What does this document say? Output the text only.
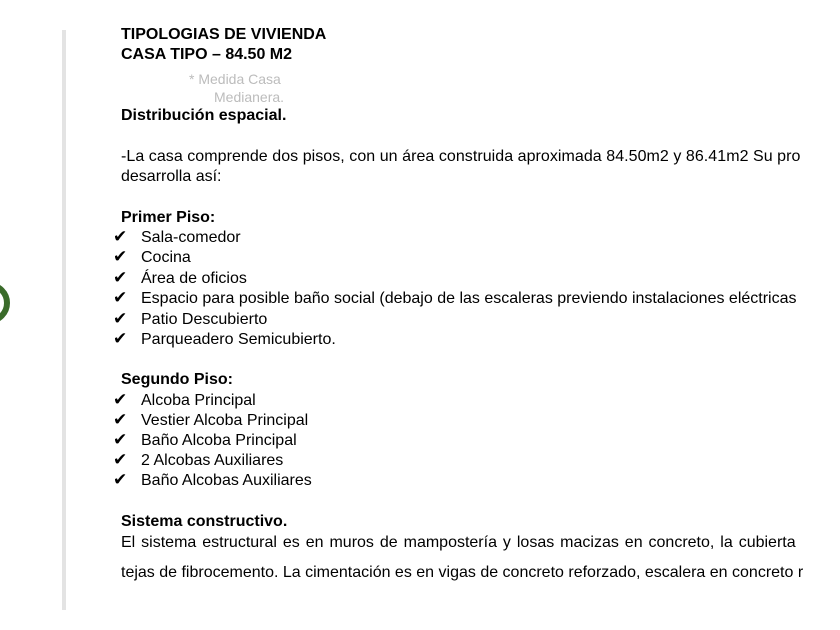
TIPOLOGIAS DE VIVIENDA
CASA TIPO – 84.50 M2
* Medida Casa
Medianera.
Distribución espacial.
-La casa comprende dos pisos, con un área construida aproximada 84.50m2 y 86.41m2 Su pro
desarrolla así:
Primer Piso:
✔ Sala-comedor
✔ Cocina
✔ Área de oficios
✔ Espacio para posible baño social (debajo de las escaleras previendo instalaciones eléctricas
✔ Patio Descubierto
✔ Parqueadero Semicubierto.
Segundo Piso:
✔ Alcoba Principal
✔ Vestier Alcoba Principal
✔ Baño Alcoba Principal
✔ 2 Alcobas Auxiliares
✔ Baño Alcobas Auxiliares
Sistema constructivo.
El sistema estructural es en muros de mampostería y losas macizas en concreto, la cubierta
tejas de fibrocemento. La cimentación es en vigas de concreto reforzado, escalera en concreto r
